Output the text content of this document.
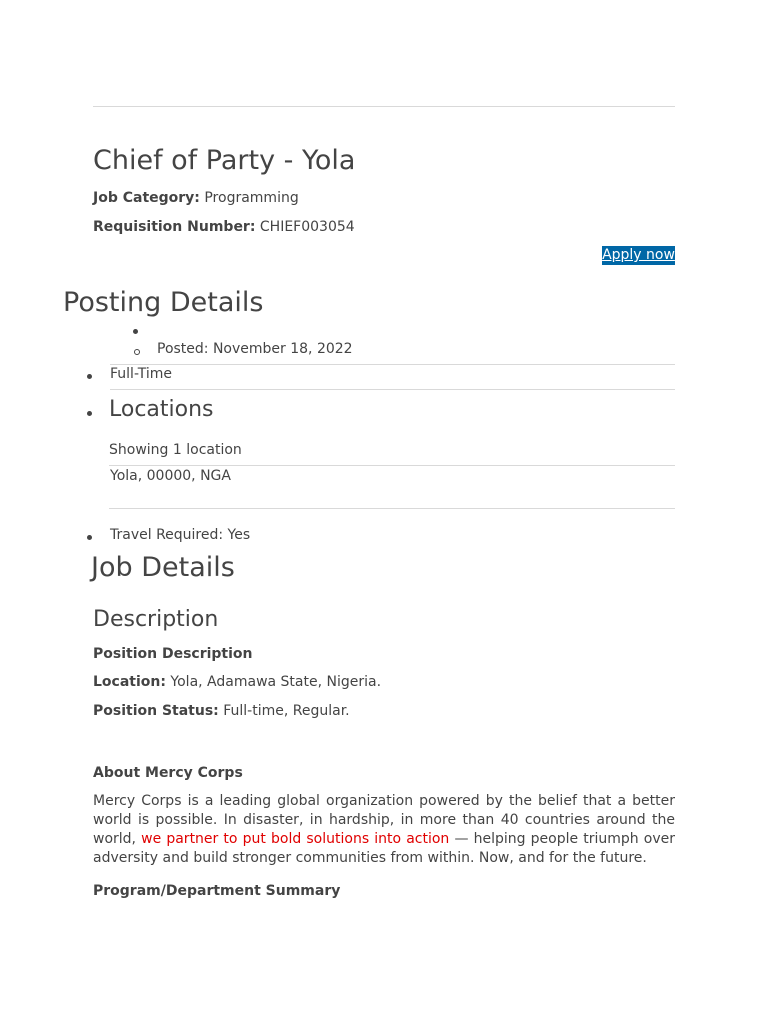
Chief of Party - Yola
Job Category: Programming
Requisition Number: CHIEF003054
Apply now
Posting Details
Posted: November 18, 2022
Full-Time
Locations
Showing 1 location
Yola, 00000, NGA
Travel Required: Yes
Job Details
Description
Position Description
Location: Yola, Adamawa State, Nigeria.
Position Status: Full-time, Regular.
About Mercy Corps
Mercy Corps is a leading global organization powered by the belief that a better world is possible. In disaster, in hardship, in more than 40 countries around the world, we partner to put bold solutions into action — helping people triumph over adversity and build stronger communities from within. Now, and for the future.
Program/Department Summary
